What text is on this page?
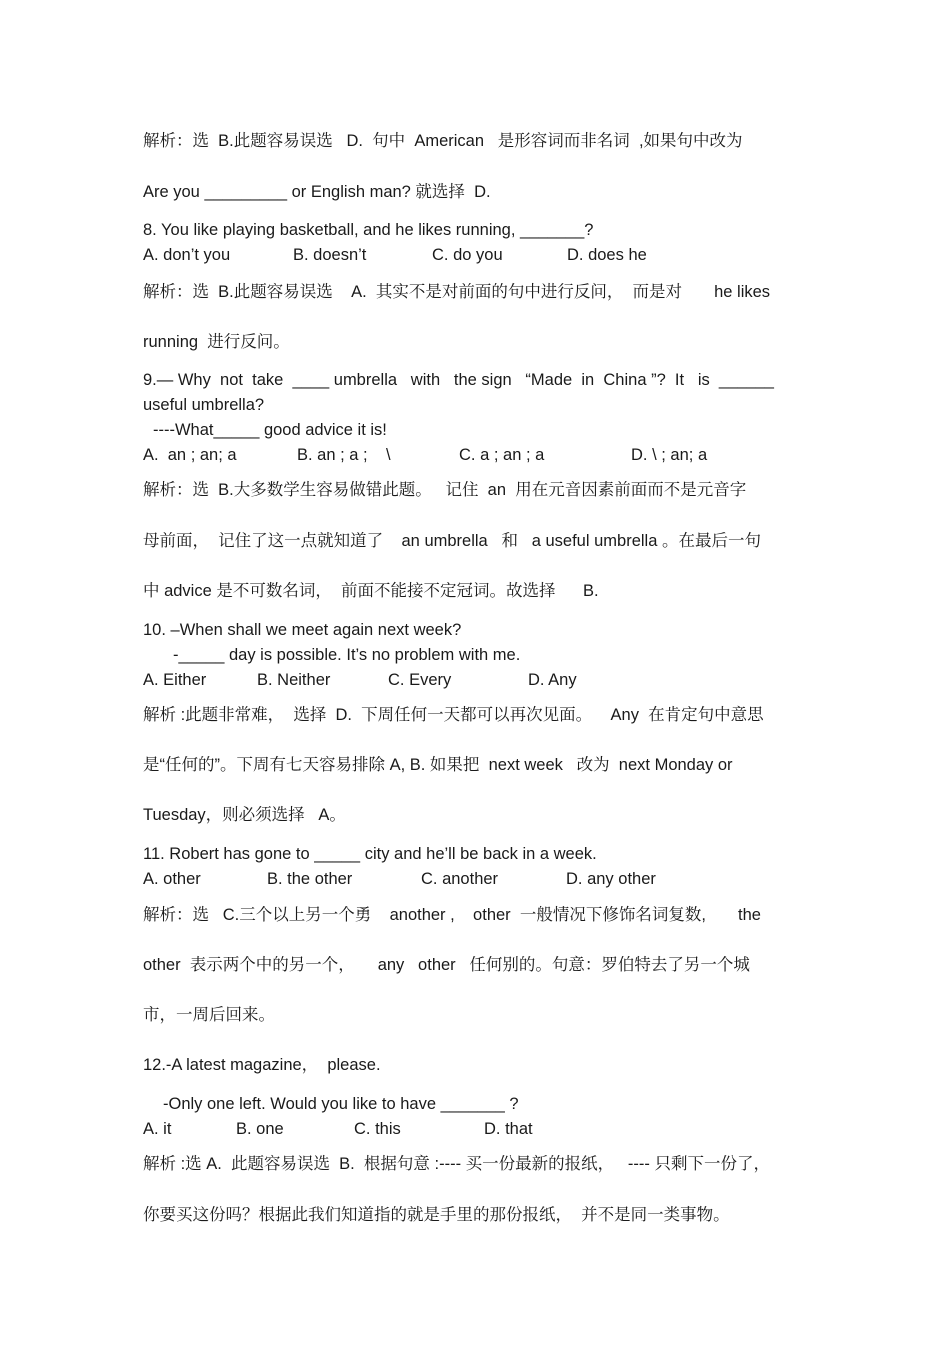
解析：选  B.此题容易误选   D.  句中  American   是形容词而非名词  ,如果句中改为

Are you _________ or English man? 就选择  D.

8. You like playing basketball, and he likes running, _______?

A. don’t you	B. doesn’t	C. do you	D. does he

解析：选  B.此题容易误选    A.  其实不是对前面的句中进行反问，  而是对       he likes

running  进行反问。

9.— Why  not  take  ____ umbrella   with   the sign   “Made  in  China ”?  It   is  ______

useful umbrella?

----What_____ good advice it is!

A.  an ; an; a	B. an ; a ;    \	C. a ; an ; a	D. \ ; an; a

解析：选  B.大多数学生容易做错此题。   记住  an  用在元音因素前面而不是元音字

母前面，  记住了这一点就知道了    an umbrella   和   a useful umbrella 。在最后一句

中 advice 是不可数名词，  前面不能接不定冠词。故选择      B.

10. –When shall we meet again next week?

-_____ day is possible. It’s no problem with me.

A. Either	B. Neither	C. Every	D. Any

解析 :此题非常难，  选择  D.  下周任何一天都可以再次见面。    Any  在肯定句中意思

是“任何的”。下周有七天容易排除 A, B. 如果把  next week   改为  next Monday or

Tuesday，则必须选择   A。

11. Robert has gone to _____ city and he’ll be back in a week.

A. other	B. the other	C. another	D. any other

解析：选   C.三个以上另一个勇    another ,    other  一般情况下修饰名词复数,       the

other  表示两个中的另一个，     any   other   任何别的。句意：罗伯特去了另一个城

市，一周后回来。

12.-A latest magazine，  please.

-Only one left. Would you like to have _______ ?

A. it	B. one	C. this	D. that

解析 :选 A.  此题容易误选  B.  根据句意 :---- 买一份最新的报纸，   ---- 只剩下一份了，

你要买这份吗？根据此我们知道指的就是手里的那份报纸，  并不是同一类事物。
